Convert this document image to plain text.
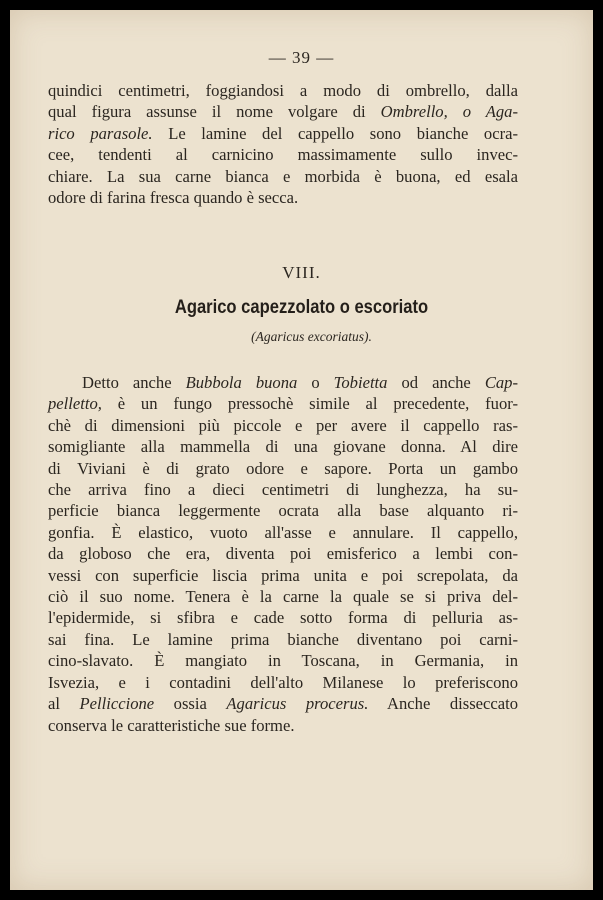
— 39 —
quindici centimetri, foggiandosi a modo di ombrello, dalla
qual figura assunse il nome volgare di Ombrello, o Aga-
rico parasole. Le lamine del cappello sono bianche ocra-
cee, tendenti al carnicino massimamente sullo invec-
chiare. La sua carne bianca e morbida è buona, ed esala
odore di farina fresca quando è secca.
VIII.
Agarico capezzolato o escoriato
(Agaricus excoriatus).
Detto anche Bubbola buona o Tobietta od anche Cap-
pelletto, è un fungo pressochè simile al precedente, fuor-
chè di dimensioni più piccole e per avere il cappello ras-
somigliante alla mammella di una giovane donna. Al dire
di Viviani è di grato odore e sapore. Porta un gambo
che arriva fino a dieci centimetri di lunghezza, ha su-
perficie bianca leggermente ocrata alla base alquanto ri-
gonfia. È elastico, vuoto all'asse e annulare. Il cappello,
da globoso che era, diventa poi emisferico a lembi con-
vessi con superficie liscia prima unita e poi screpolata, da
ciò il suo nome. Tenera è la carne la quale se si priva del-
l'epidermide, si sfibra e cade sotto forma di pelluria as-
sai fina. Le lamine prima bianche diventano poi carni-
cino-slavato. È mangiato in Toscana, in Germania, in
Isvezia, e i contadini dell'alto Milanese lo preferiscono
al Pelliccione ossia Agaricus procerus. Anche disseccato
conserva le caratteristiche sue forme.
